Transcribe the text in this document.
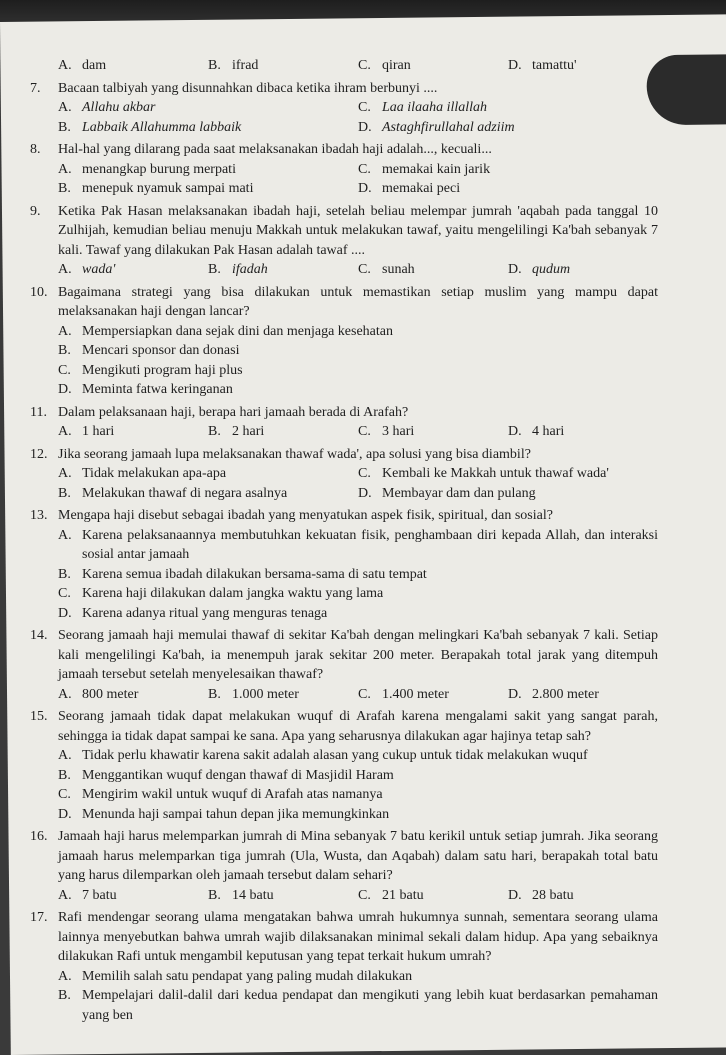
A. dam	B. ifrad	C. qiran	D. tamattu'
7.	Bacaan talbiyah yang disunnahkan dibaca ketika ihram berbunyi ....
A. Allahu akbar	C. Laa ilaaha illallah
B. Labbaik Allahumma labbaik	D. Astaghfirullahal adziim
8.	Hal-hal yang dilarang pada saat melaksanakan ibadah haji adalah..., kecuali...
A. menangkap burung merpati	C. memakai kain jarik
B. menepuk nyamuk sampai mati	D. memakai peci
9.	Ketika Pak Hasan melaksanakan ibadah haji, setelah beliau melempar jumrah 'aqabah pada tanggal 10 Zulhijah, kemudian beliau menuju Makkah untuk melakukan tawaf, yaitu mengelilingi Ka'bah sebanyak 7 kali. Tawaf yang dilakukan Pak Hasan adalah tawaf ....
A. wada'	B. ifadah	C. sunah	D. qudum
10. Bagaimana strategi yang bisa dilakukan untuk memastikan setiap muslim yang mampu dapat melaksanakan haji dengan lancar?
A. Mempersiapkan dana sejak dini dan menjaga kesehatan
B. Mencari sponsor dan donasi
C. Mengikuti program haji plus
D. Meminta fatwa keringanan
11. Dalam pelaksanaan haji, berapa hari jamaah berada di Arafah?
A. 1 hari	B. 2 hari	C. 3 hari	D. 4 hari
12. Jika seorang jamaah lupa melaksanakan thawaf wada', apa solusi yang bisa diambil?
A. Tidak melakukan apa-apa	C. Kembali ke Makkah untuk thawaf wada'
B. Melakukan thawaf di negara asalnya	D. Membayar dam dan pulang
13. Mengapa haji disebut sebagai ibadah yang menyatukan aspek fisik, spiritual, dan sosial?
A. Karena pelaksanaannya membutuhkan kekuatan fisik, penghambaan diri kepada Allah, dan interaksi sosial antar jamaah
B. Karena semua ibadah dilakukan bersama-sama di satu tempat
C. Karena haji dilakukan dalam jangka waktu yang lama
D. Karena adanya ritual yang menguras tenaga
14. Seorang jamaah haji memulai thawaf di sekitar Ka'bah dengan melingkari Ka'bah sebanyak 7 kali. Setiap kali mengelilingi Ka'bah, ia menempuh jarak sekitar 200 meter. Berapakah total jarak yang ditempuh jamaah tersebut setelah menyelesaikan thawaf?
A. 800 meter	B. 1.000 meter	C. 1.400 meter	D. 2.800 meter
15. Seorang jamaah tidak dapat melakukan wuquf di Arafah karena mengalami sakit yang sangat parah, sehingga ia tidak dapat sampai ke sana. Apa yang seharusnya dilakukan agar hajinya tetap sah?
A. Tidak perlu khawatir karena sakit adalah alasan yang cukup untuk tidak melakukan wuquf
B. Menggantikan wuquf dengan thawaf di Masjidil Haram
C. Mengirim wakil untuk wuquf di Arafah atas namanya
D. Menunda haji sampai tahun depan jika memungkinkan
16. Jamaah haji harus melemparkan jumrah di Mina sebanyak 7 batu kerikil untuk setiap jumrah. Jika seorang jamaah harus melemparkan tiga jumrah (Ula, Wusta, dan Aqabah) dalam satu hari, berapakah total batu yang harus dilemparkan oleh jamaah tersebut dalam sehari?
A. 7 batu	B. 14 batu	C. 21 batu	D. 28 batu
17. Rafi mendengar seorang ulama mengatakan bahwa umrah hukumnya sunnah, sementara seorang ulama lainnya menyebutkan bahwa umrah wajib dilaksanakan minimal sekali dalam hidup. Apa yang sebaiknya dilakukan Rafi untuk mengambil keputusan yang tepat terkait hukum umrah?
A. Memilih salah satu pendapat yang paling mudah dilakukan
B. Mempelajari dalil-dalil dari kedua pendapat dan mengikuti yang lebih kuat berdasarkan pemahaman yang ben
